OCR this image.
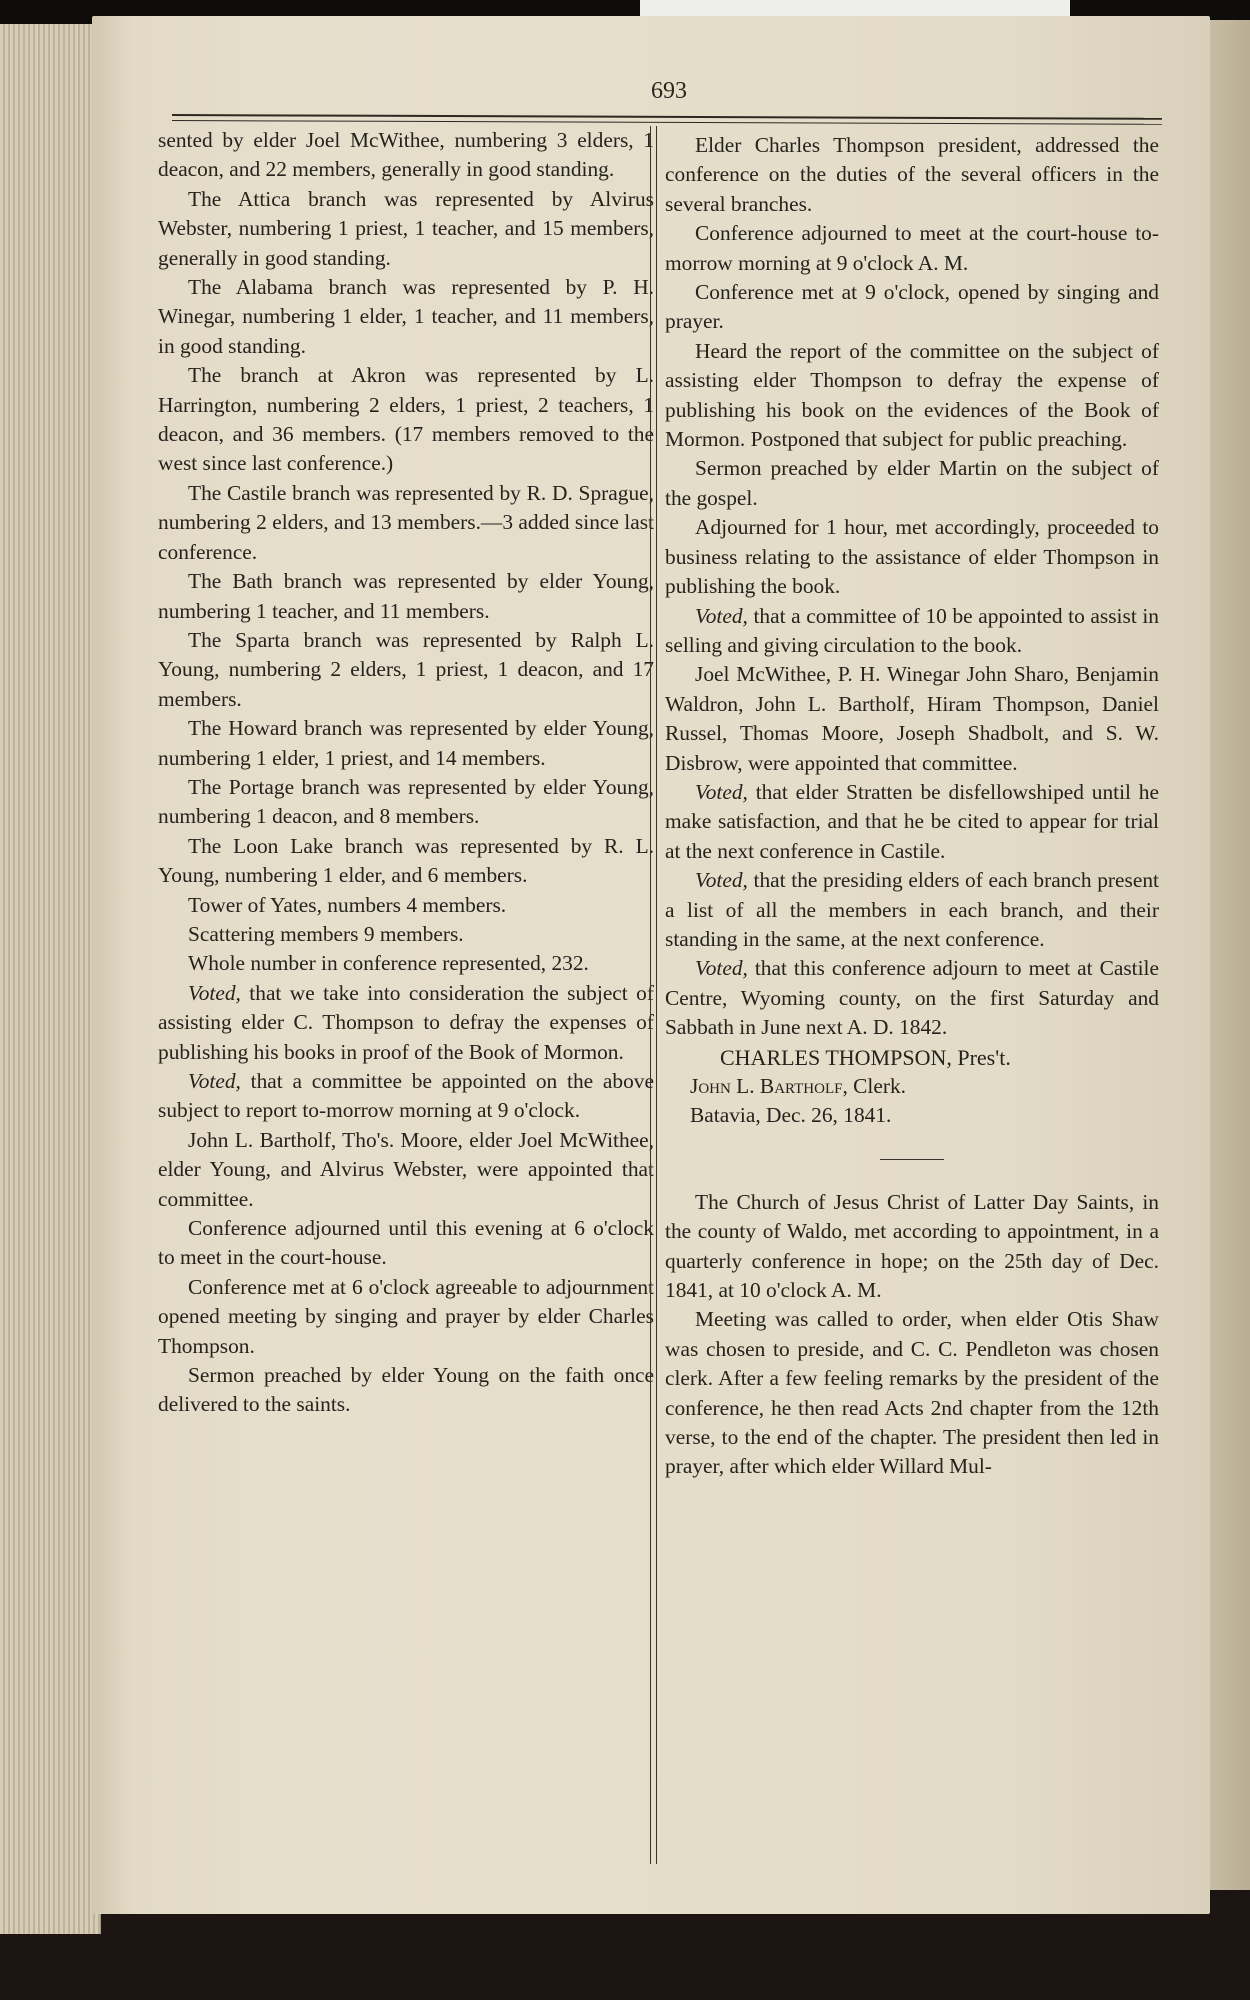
693

sented by elder Joel McWithee, numbering 3 elders, 1 deacon, and 22 members, generally in good standing.

The Attica branch was represented by Alvirus Webster, numbering 1 priest, 1 teacher, and 15 members, generally in good standing.

The Alabama branch was represented by P. H. Winegar, numbering 1 elder, 1 teacher, and 11 members, in good standing.

The branch at Akron was represented by L. Harrington, numbering 2 elders, 1 priest, 2 teachers, 1 deacon, and 36 members. (17 members removed to the west since last conference.)

The Castile branch was represented by R. D. Sprague, numbering 2 elders, and 13 members.—3 added since last conference.

The Bath branch was represented by elder Young, numbering 1 teacher, and 11 members.

The Sparta branch was represented by Ralph L. Young, numbering 2 elders, 1 priest, 1 deacon, and 17 members.

The Howard branch was represented by elder Young, numbering 1 elder, 1 priest, and 14 members.

The Portage branch was represented by elder Young, numbering 1 deacon, and 8 members.

The Loon Lake branch was represented by R. L. Young, numbering 1 elder, and 6 members.

Tower of Yates, numbers 4 members.

Scattering members 9 members.

Whole number in conference represented, 232.

Voted, that we take into consideration the subject of assisting elder C. Thompson to defray the expenses of publishing his books in proof of the Book of Mormon.

Voted, that a committee be appointed on the above subject to report to-morrow morning at 9 o'clock.

John L. Bartholf, Tho's. Moore, elder Joel McWithee, elder Young, and Alvirus Webster, were appointed that committee.

Conference adjourned until this evening at 6 o'clock to meet in the court-house.

Conference met at 6 o'clock agreeable to adjournment opened meeting by singing and prayer by elder Charles Thompson.

Sermon preached by elder Young on the faith once delivered to the saints.

Elder Charles Thompson president, addressed the conference on the duties of the several officers in the several branches.

Conference adjourned to meet at the court-house to-morrow morning at 9 o'clock A. M.

Conference met at 9 o'clock, opened by singing and prayer.

Heard the report of the committee on the subject of assisting elder Thompson to defray the expense of publishing his book on the evidences of the Book of Mormon. Postponed that subject for public preaching.

Sermon preached by elder Martin on the subject of the gospel.

Adjourned for 1 hour, met accordingly, proceeded to business relating to the assistance of elder Thompson in publishing the book.

Voted, that a committee of 10 be appointed to assist in selling and giving circulation to the book.

Joel McWithee, P. H. Winegar John Sharo, Benjamin Waldron, John L. Bartholf, Hiram Thompson, Daniel Russel, Thomas Moore, Joseph Shadbolt, and S. W. Disbrow, were appointed that committee.

Voted, that elder Stratten be disfellowshiped until he make satisfaction, and that he be cited to appear for trial at the next conference in Castile.

Voted, that the presiding elders of each branch present a list of all the members in each branch, and their standing in the same, at the next conference.

Voted, that this conference adjourn to meet at Castile Centre, Wyoming county, on the first Saturday and Sabbath in June next A. D. 1842.

CHARLES THOMPSON, Pres't.

John L. Bartholf, Clerk.

Batavia, Dec. 26, 1841.

The Church of Jesus Christ of Latter Day Saints, in the county of Waldo, met according to appointment, in a quarterly conference in hope; on the 25th day of Dec. 1841, at 10 o'clock A. M.

Meeting was called to order, when elder Otis Shaw was chosen to preside, and C. C. Pendleton was chosen clerk. After a few feeling remarks by the president of the conference, he then read Acts 2nd chapter from the 12th verse, to the end of the chapter. The president then led in prayer, after which elder Willard Mul-
